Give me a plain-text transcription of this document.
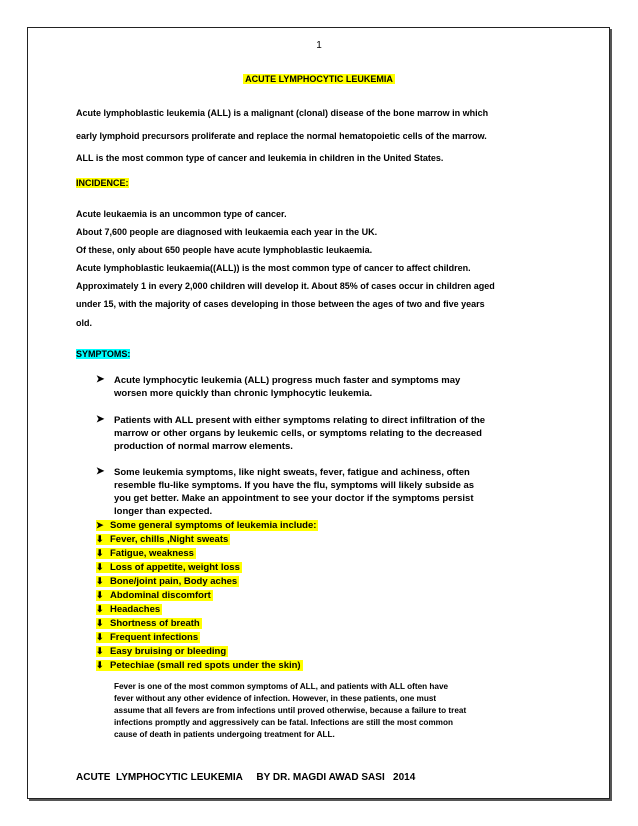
1
ACUTE LYMPHOCYTIC LEUKEMIA
Acute lymphoblastic leukemia (ALL) is a malignant (clonal) disease of the bone marrow in which
early lymphoid precursors proliferate and replace the normal hematopoietic cells of the marrow.
ALL is the most common type of cancer and leukemia in children in the United States.
INCIDENCE:
Acute leukaemia is an uncommon type of cancer.
About 7,600 people are diagnosed with leukaemia each year in the UK.
Of these, only about 650 people have acute lymphoblastic leukaemia.
Acute lymphoblastic leukaemia((ALL)) is the most common type of cancer to affect children.
Approximately 1 in every 2,000 children will develop it. About 85% of cases occur in children aged
under 15, with the majority of cases developing in those between the ages of two and five years
old.
SYMPTOMS:
➤ Acute lymphocytic leukemia (ALL) progress much faster and symptoms may
worsen more quickly than chronic lymphocytic leukemia.
➤ Patients with ALL present with either symptoms relating to direct infiltration of the
marrow or other organs by leukemic cells, or symptoms relating to the decreased
production of normal marrow elements.
➤ Some leukemia symptoms, like night sweats, fever, fatigue and achiness, often
resemble flu-like symptoms. If you have the flu, symptoms will likely subside as
you get better. Make an appointment to see your doctor if the symptoms persist
longer than expected.
➤ Some general symptoms of leukemia include:
⬇ Fever, chills ,Night sweats
⬇ Fatigue, weakness
⬇ Loss of appetite, weight loss
⬇ Bone/joint pain, Body aches
⬇ Abdominal discomfort
⬇ Headaches
⬇ Shortness of breath
⬇ Frequent infections
⬇ Easy bruising or bleeding
⬇ Petechiae (small red spots under the skin)
Fever is one of the most common symptoms of ALL, and patients with ALL often have
fever without any other evidence of infection. However, in these patients, one must
assume that all fevers are from infections until proved otherwise, because a failure to treat
infections promptly and aggressively can be fatal. Infections are still the most common
cause of death in patients undergoing treatment for ALL.
ACUTE  LYMPHOCYTIC LEUKEMIA     BY DR. MAGDI AWAD SASI   2014
